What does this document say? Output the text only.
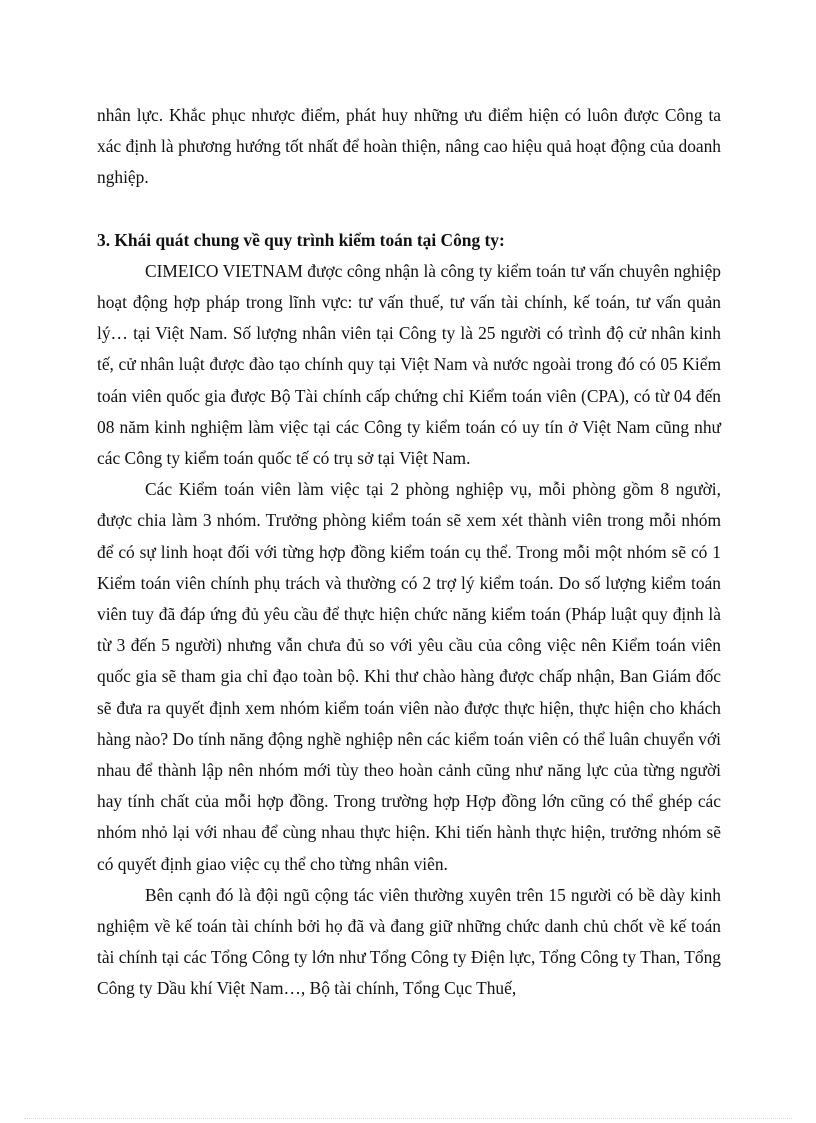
nhân lực. Khắc phục nhược điểm, phát huy những ưu điểm hiện có luôn được Công ta xác định là phương hướng tốt nhất để hoàn thiện, nâng cao hiệu quả hoạt động của doanh nghiệp.

3. Khái quát chung về quy trình kiểm toán tại Công ty:

CIMEICO VIETNAM được công nhận là công ty kiểm toán tư vấn chuyên nghiệp hoạt động hợp pháp trong lĩnh vực: tư vấn thuế, tư vấn tài chính, kế toán, tư vấn quản lý… tại Việt Nam. Số lượng nhân viên tại Công ty là 25 người có trình độ cử nhân kinh tế, cử nhân luật được đào tạo chính quy tại Việt Nam và nước ngoài trong đó có 05 Kiểm toán viên quốc gia được Bộ Tài chính cấp chứng chỉ Kiểm toán viên (CPA), có từ 04 đến 08 năm kinh nghiệm làm việc tại các Công ty kiểm toán có uy tín ở Việt Nam cũng như các Công ty kiểm toán quốc tế có trụ sở tại Việt Nam.

Các Kiểm toán viên làm việc tại 2 phòng nghiệp vụ, mỗi phòng gồm 8 người, được chia làm 3 nhóm. Trưởng phòng kiểm toán sẽ xem xét thành viên trong mỗi nhóm để có sự linh hoạt đối với từng hợp đồng kiểm toán cụ thể. Trong mỗi một nhóm sẽ có 1 Kiểm toán viên chính phụ trách và thường có 2 trợ lý kiểm toán. Do số lượng kiểm toán viên tuy đã đáp ứng đủ yêu cầu để thực hiện chức năng kiểm toán (Pháp luật quy định là từ 3 đến 5 người) nhưng vẫn chưa đủ so với yêu cầu của công việc nên Kiểm toán viên quốc gia sẽ tham gia chỉ đạo toàn bộ. Khi thư chào hàng được chấp nhận, Ban Giám đốc sẽ đưa ra quyết định xem nhóm kiểm toán viên nào được thực hiện, thực hiện cho khách hàng nào? Do tính năng động nghề nghiệp nên các kiểm toán viên có thể luân chuyển với nhau để thành lập nên nhóm mới tùy theo hoàn cảnh cũng như năng lực của từng người hay tính chất của mỗi hợp đồng. Trong trường hợp Hợp đồng lớn cũng có thể ghép các nhóm nhỏ lại với nhau để cùng nhau thực hiện. Khi tiến hành thực hiện, trưởng nhóm sẽ có quyết định giao việc cụ thể cho từng nhân viên.

Bên cạnh đó là đội ngũ cộng tác viên thường xuyên trên 15 người có bề dày kinh nghiệm về kế toán tài chính bởi họ đã và đang giữ những chức danh chủ chốt về kế toán tài chính tại các Tổng Công ty lớn như Tổng Công ty Điện lực, Tổng Công ty Than, Tổng Công ty Dầu khí Việt Nam…, Bộ tài chính, Tổng Cục Thuế,
